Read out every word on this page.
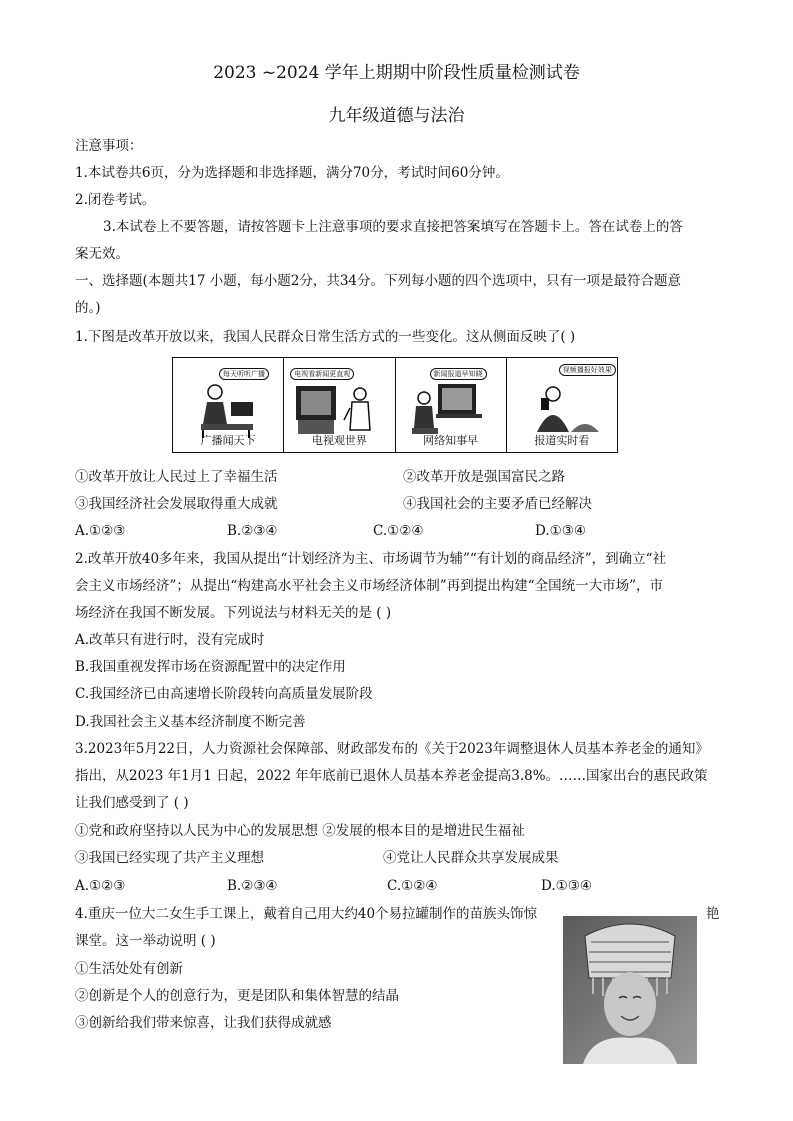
2023 ~2024 学年上期期中阶段性质量检测试卷
九年级道德与法治
注意事项：
1.本试卷共6页，分为选择题和非选择题，满分70分，考试时间60分钟。
2.闭卷考试。
3.本试卷上不要答题，请按答题卡上注意事项的要求直接把答案填写在答题卡上。答在试卷上的答
案无效。
一、选择题(本题共17 小题，每小题2分，共34分。下列每小题的四个选项中，只有一项是最符合题意
的。)
1.下图是改革开放以来，我国人民群众日常生活方式的一些变化。这从侧面反映了( )
每天听听广播
广播闻天下
电视看新闻更直观
电视观世界
新闻报道早知晓
网络知事早
视频播报好效果
报道实时看
①改革开放让人民过上了幸福生活	②改革开放是强国富民之路
③我国经济社会发展取得重大成就	④我国社会的主要矛盾已经解决
A.①②③	B.②③④	C.①②④	D.①③④
2.改革开放40多年来，我国从提出“计划经济为主、市场调节为辅”“有计划的商品经济”，到确立“社
会主义市场经济”；从提出“构建高水平社会主义市场经济体制”再到提出构建“全国统一大市场”，市
场经济在我国不断发展。下列说法与材料无关的是 ( )
A.改革只有进行时，没有完成时
B.我国重视发挥市场在资源配置中的决定作用
C.我国经济已由高速增长阶段转向高质量发展阶段
D.我国社会主义基本经济制度不断完善
3.2023年5月22日，人力资源社会保障部、财政部发布的《关于2023年调整退休人员基本养老金的通知》
指出，从2023 年1月1 日起，2022 年年底前已退休人员基本养老金提高3.8%。……国家出台的惠民政策
让我们感受到了 ( )
①党和政府坚持以人民为中心的发展思想 ②发展的根本目的是增进民生福祉
③我国已经实现了共产主义理想	④党让人民群众共享发展成果
A.①②③	B.②③④	C.①②④	D.①③④
4.重庆一位大二女生手工课上，戴着自己用大约40个易拉罐制作的苗族头饰惊	艳
课堂。这一举动说明 ( )
①生活处处有创新
②创新是个人的创意行为，更是团队和集体智慧的结晶
③创新给我们带来惊喜，让我们获得成就感
